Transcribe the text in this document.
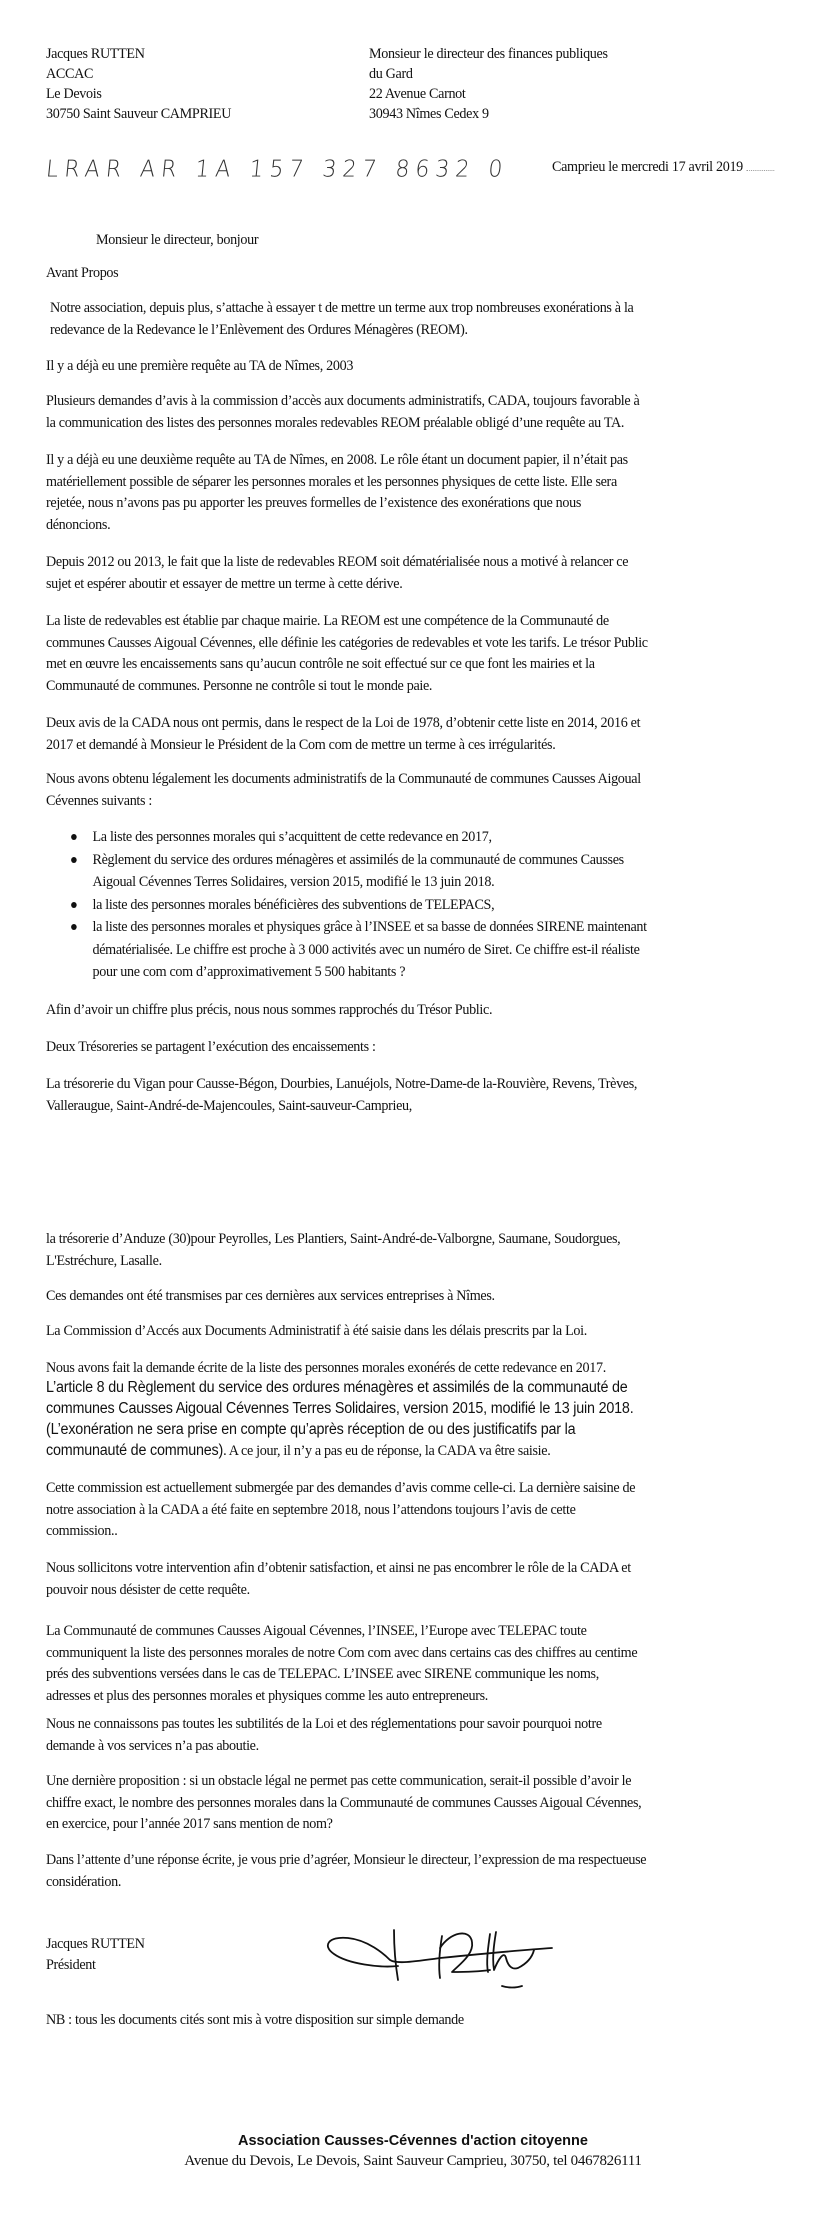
Jacques RUTTEN
ACCAC
Le Devois
30750 Saint Sauveur CAMPRIEU
Monsieur le directeur des finances publiques
du Gard
22 Avenue Carnot
30943 Nîmes Cedex 9
LRAR AR 1A 157 327 8632 0	Camprieu le mercredi 17 avril 2019
Monsieur le directeur, bonjour
Avant Propos
Notre association, depuis plus, s’attache à essayer t de mettre un terme aux trop nombreuses exonérations à la
redevance de la Redevance le l’Enlèvement des Ordures Ménagères (REOM).
Il y a déjà eu une première requête au TA de Nîmes, 2003
Plusieurs demandes d’avis à la commission d’accès aux documents administratifs, CADA, toujours favorable à
la communication des listes des personnes morales redevables REOM préalable obligé d’une requête au TA.
Il y a déjà eu une deuxième requête au TA de Nîmes, en 2008. Le rôle étant un document papier, il n’était pas
matériellement possible de séparer les personnes morales et les personnes physiques de cette liste. Elle sera
rejetée, nous n’avons pas pu apporter les preuves formelles de l’existence des exonérations que nous
dénoncions.
Depuis 2012 ou 2013, le fait que la liste de redevables REOM soit dématérialisée nous a motivé à relancer ce
sujet et espérer aboutir et essayer de mettre un terme à cette dérive.
La liste de redevables est établie par chaque mairie. La REOM est une compétence de la Communauté de
communes Causses Aigoual Cévennes, elle définie les catégories de redevables et vote les tarifs. Le trésor Public
met en œuvre les encaissements sans qu’aucun contrôle ne soit effectué sur ce que font les mairies et la
Communauté de communes. Personne ne contrôle si tout le monde paie.
Deux avis de la CADA nous ont permis, dans le respect de la Loi de 1978, d’obtenir cette liste en 2014, 2016 et
2017 et demandé à Monsieur le Président de la Com com de mettre un terme à ces irrégularités.
Nous avons obtenu légalement les documents administratifs de la Communauté de communes Causses Aigoual
Cévennes suivants :
La liste des personnes morales qui s’acquittent de cette redevance en 2017,
Règlement du service des ordures ménagères et assimilés de la communauté de communes Causses
Aigoual Cévennes Terres Solidaires, version 2015, modifié le 13 juin 2018.
la liste des personnes morales bénéficières des subventions de TELEPACS,
la liste des personnes morales et physiques grâce à l’INSEE et sa basse de données SIRENE maintenant
dématérialisée. Le chiffre est proche à 3 000 activités avec un numéro de Siret. Ce chiffre est-il réaliste
pour une com com d’approximativement 5 500 habitants ?
Afin d’avoir un chiffre plus précis, nous nous sommes rapprochés du Trésor Public.
Deux Trésoreries se partagent l’exécution des encaissements :
La trésorerie du Vigan pour Causse-Bégon, Dourbies, Lanuéjols, Notre-Dame-de la-Rouvière, Revens, Trèves,
Valleraugue, Saint-André-de-Majencoules, Saint-sauveur-Camprieu,
la trésorerie d’Anduze (30)pour Peyrolles, Les Plantiers, Saint-André-de-Valborgne, Saumane, Soudorgues,
L'Estréchure, Lasalle.
Ces demandes ont été transmises par ces dernières aux services entreprises à Nîmes.
La Commission d’Accés aux Documents Administratif à été saisie dans les délais prescrits par la Loi.
Nous avons fait la demande écrite de la liste des personnes morales exonérés de cette redevance en 2017.
L’article 8 du Règlement du service des ordures ménagères et assimilés de la communauté de
communes Causses Aigoual Cévennes Terres Solidaires, version 2015, modifié le 13 juin 2018.
(L’exonération ne sera prise en compte qu’après réception de ou des justificatifs par la
communauté de communes). A ce jour, il n’y a pas eu de réponse, la CADA va être saisie.
Cette commission est actuellement submergée par des demandes d’avis comme celle-ci. La dernière saisine de
notre association à la CADA a été faite en septembre 2018, nous l’attendons toujours l’avis de cette
commission..
Nous sollicitons votre intervention afin d’obtenir satisfaction, et ainsi ne pas encombrer le rôle de la CADA et
pouvoir nous désister de cette requête.
La Communauté de communes Causses Aigoual Cévennes, l’INSEE, l’Europe avec TELEPAC toute
communiquent la liste des personnes morales de notre Com com avec dans certains cas des chiffres au centime
prés des subventions versées dans le cas de TELEPAC. L’INSEE avec SIRENE communique les noms,
adresses et plus des personnes morales et physiques comme les auto entrepreneurs.
Nous ne connaissons pas toutes les subtilités de la Loi et des réglementations pour savoir pourquoi notre
demande à vos services n’a pas aboutie.
Une dernière proposition : si un obstacle légal ne permet pas cette communication, serait-il possible d’avoir le
chiffre exact, le nombre des personnes morales dans la Communauté de communes Causses Aigoual Cévennes,
en exercice, pour l’année 2017 sans mention de nom?
Dans l’attente d’une réponse écrite, je vous prie d’agréer, Monsieur le directeur, l’expression de ma respectueuse
considération.
Jacques RUTTEN
Président
NB : tous les documents cités sont mis à votre disposition sur simple demande
Association Causses-Cévennes d'action citoyenne
Avenue du Devois, Le Devois, Saint Sauveur Camprieu, 30750, tel 0467826111
